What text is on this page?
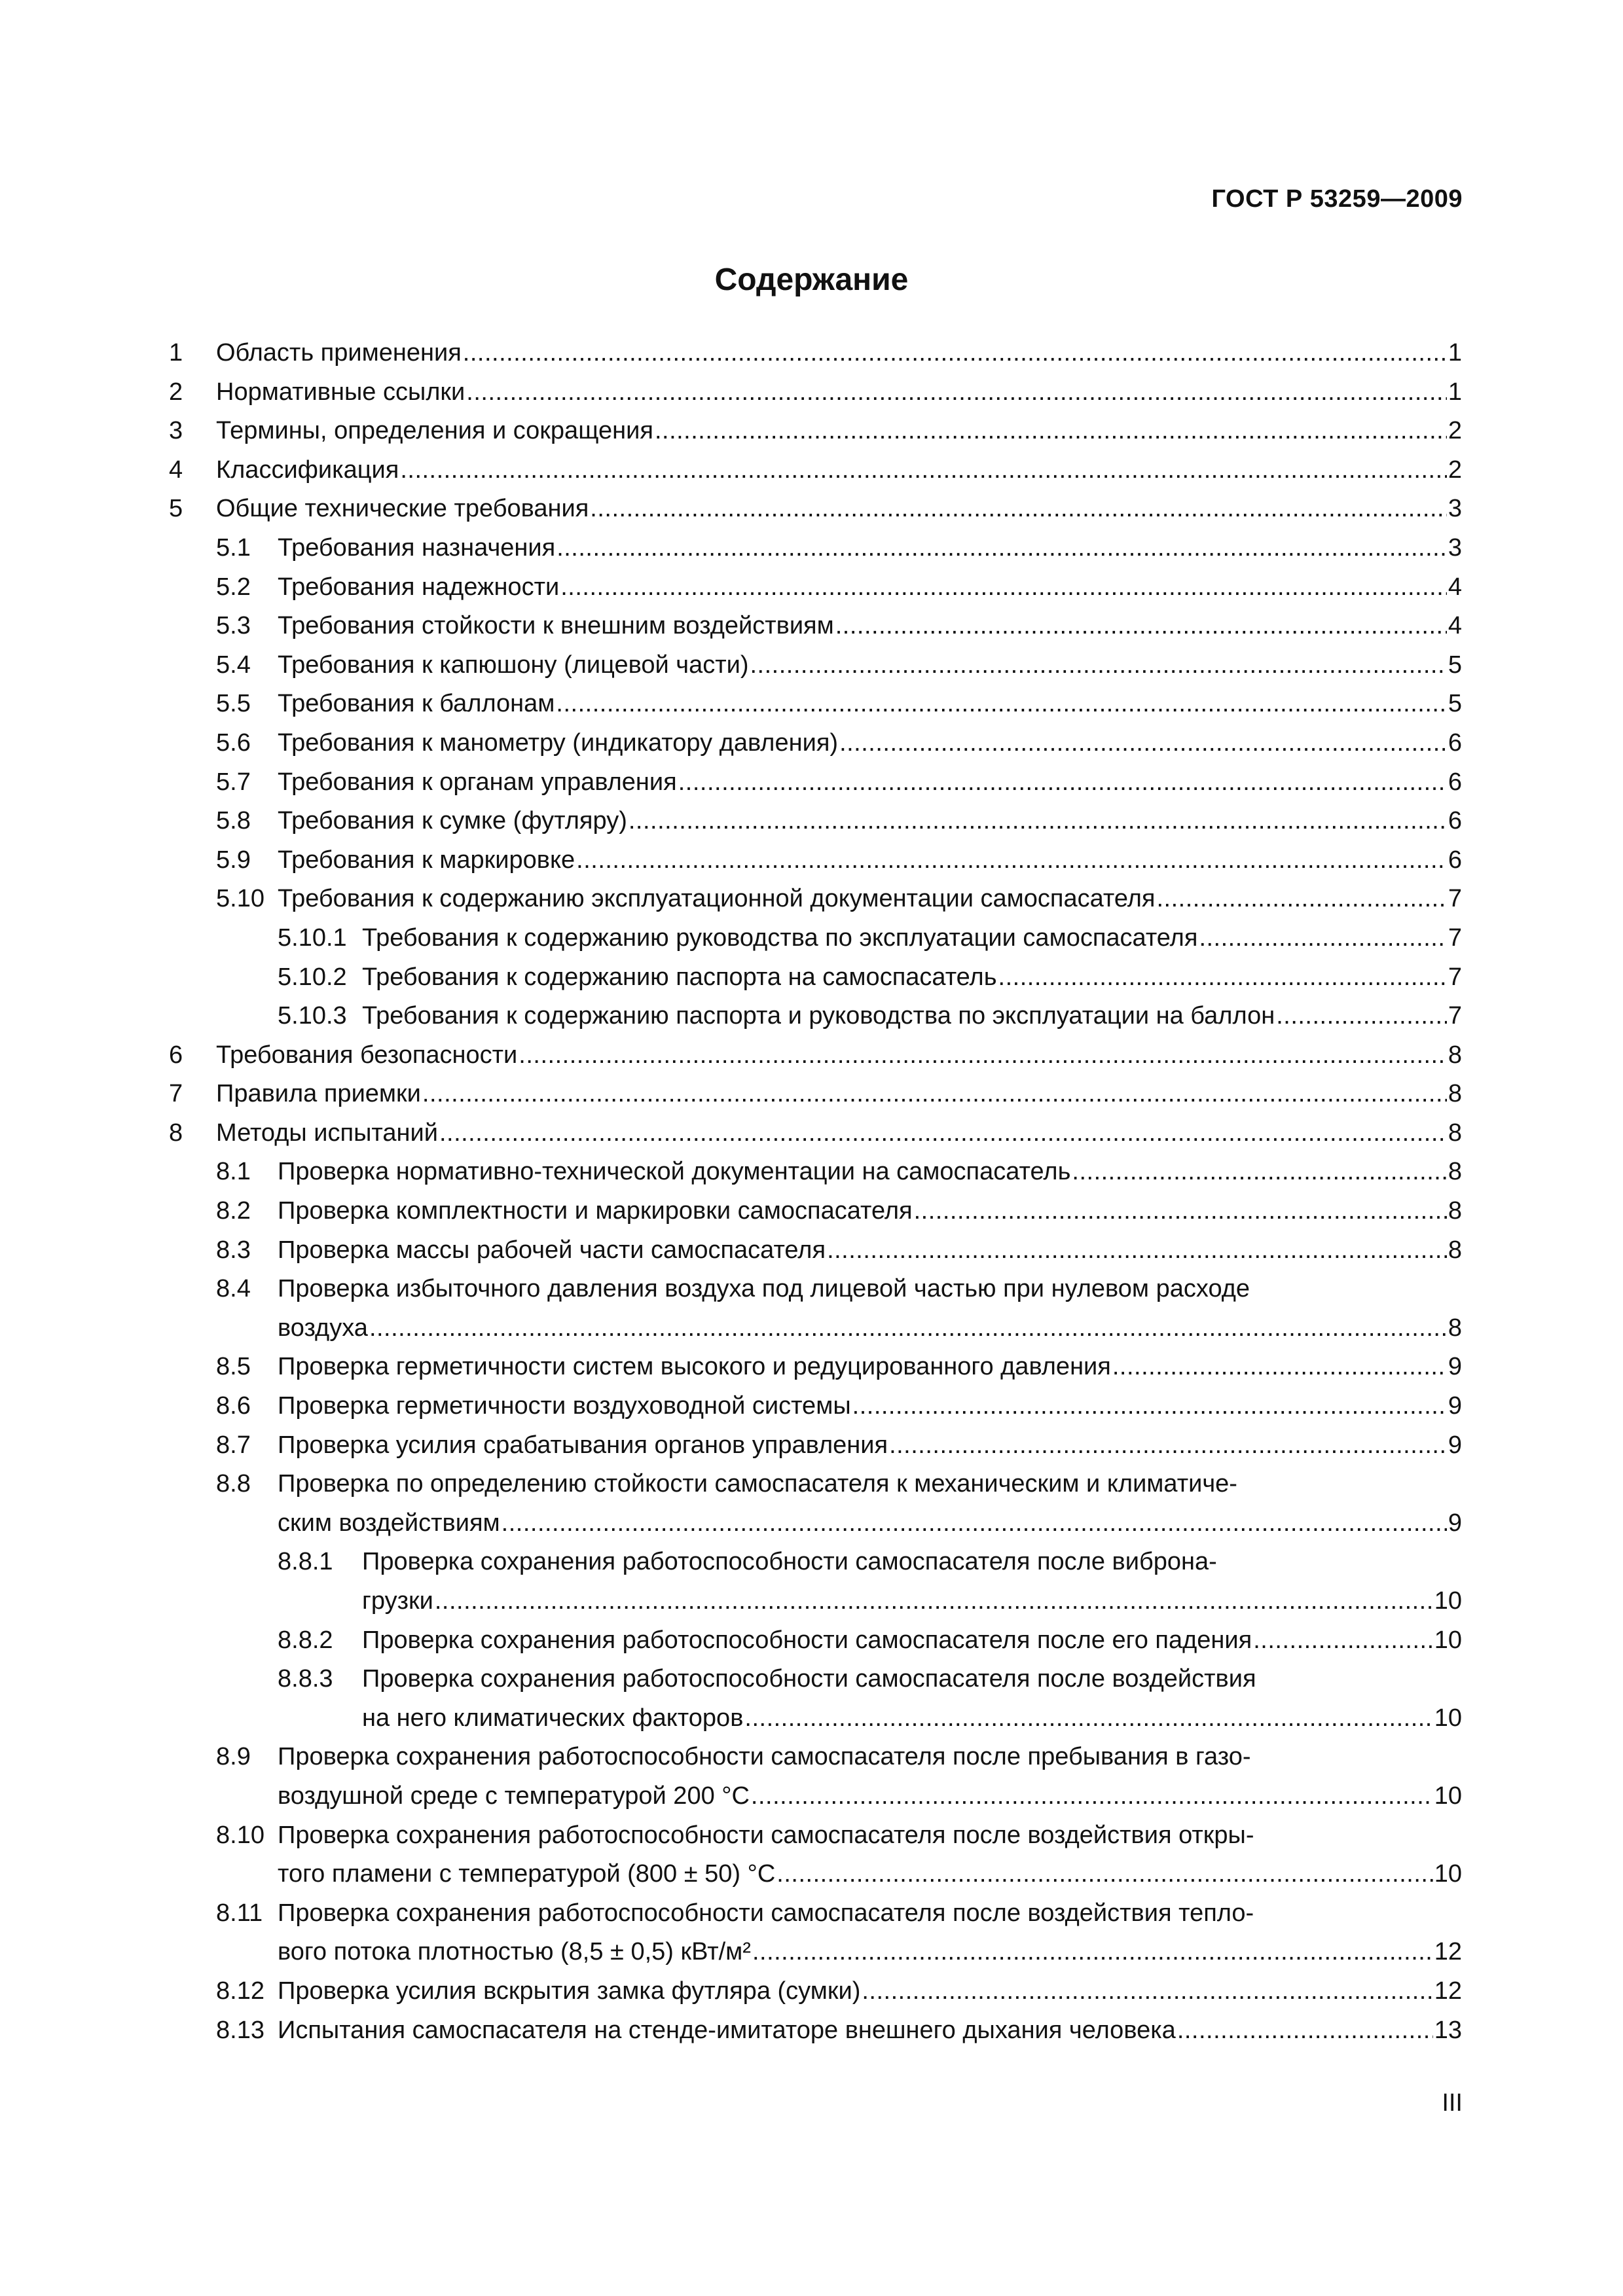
ГОСТ Р 53259—2009
Содержание
1 Область применения .....	1
2 Нормативные ссылки .....	1
3 Термины, определения и сокращения .....	2
4 Классификация .....	2
5 Общие технические требования .....	3
5.1 Требования назначения .....	3
5.2 Требования надежности .....	4
5.3 Требования стойкости к внешним воздействиям .....	4
5.4 Требования к капюшону (лицевой части) .....	5
5.5 Требования к баллонам .....	5
5.6 Требования к манометру (индикатору давления) .....	6
5.7 Требования к органам управления .....	6
5.8 Требования к сумке (футляру) .....	6
5.9 Требования к маркировке .....	6
5.10 Требования к содержанию эксплуатационной документации самоспасателя .....	7
5.10.1 Требования к содержанию руководства по эксплуатации самоспасателя .....	7
5.10.2 Требования к содержанию паспорта на самоспасатель .....	7
5.10.3 Требования к содержанию паспорта и руководства по эксплуатации на баллон .....	7
6 Требования безопасности .....	8
7 Правила приемки .....	8
8 Методы испытаний .....	8
8.1 Проверка нормативно-технической документации на самоспасатель .....	8
8.2 Проверка комплектности и маркировки самоспасателя .....	8
8.3 Проверка массы рабочей части самоспасателя .....	8
8.4 Проверка избыточного давления воздуха под лицевой частью при нулевом расходе
воздуха .....	8
8.5 Проверка герметичности систем высокого и редуцированного давления .....	9
8.6 Проверка герметичности воздуховодной системы .....	9
8.7 Проверка усилия срабатывания органов управления .....	9
8.8 Проверка по определению стойкости самоспасателя к механическим и климатиче-
ским воздействиям .....	9
8.8.1 Проверка сохранения работоспособности самоспасателя после виброна-
грузки .....	10
8.8.2 Проверка сохранения работоспособности самоспасателя после его падения .....	10
8.8.3 Проверка сохранения работоспособности самоспасателя после воздействия
на него климатических факторов .....	10
8.9 Проверка сохранения работоспособности самоспасателя после пребывания в газо-
воздушной среде с температурой 200 °C .....	10
8.10 Проверка сохранения работоспособности самоспасателя после воздействия откры-
того пламени с температурой (800 ± 50) °C .....	10
8.11 Проверка сохранения работоспособности самоспасателя после воздействия тепло-
вого потока плотностью (8,5 ± 0,5) кВт/м² .....	12
8.12 Проверка усилия вскрытия замка футляра (сумки) .....	12
8.13 Испытания самоспасателя на стенде-имитаторе внешнего дыхания человека .....	13
III
